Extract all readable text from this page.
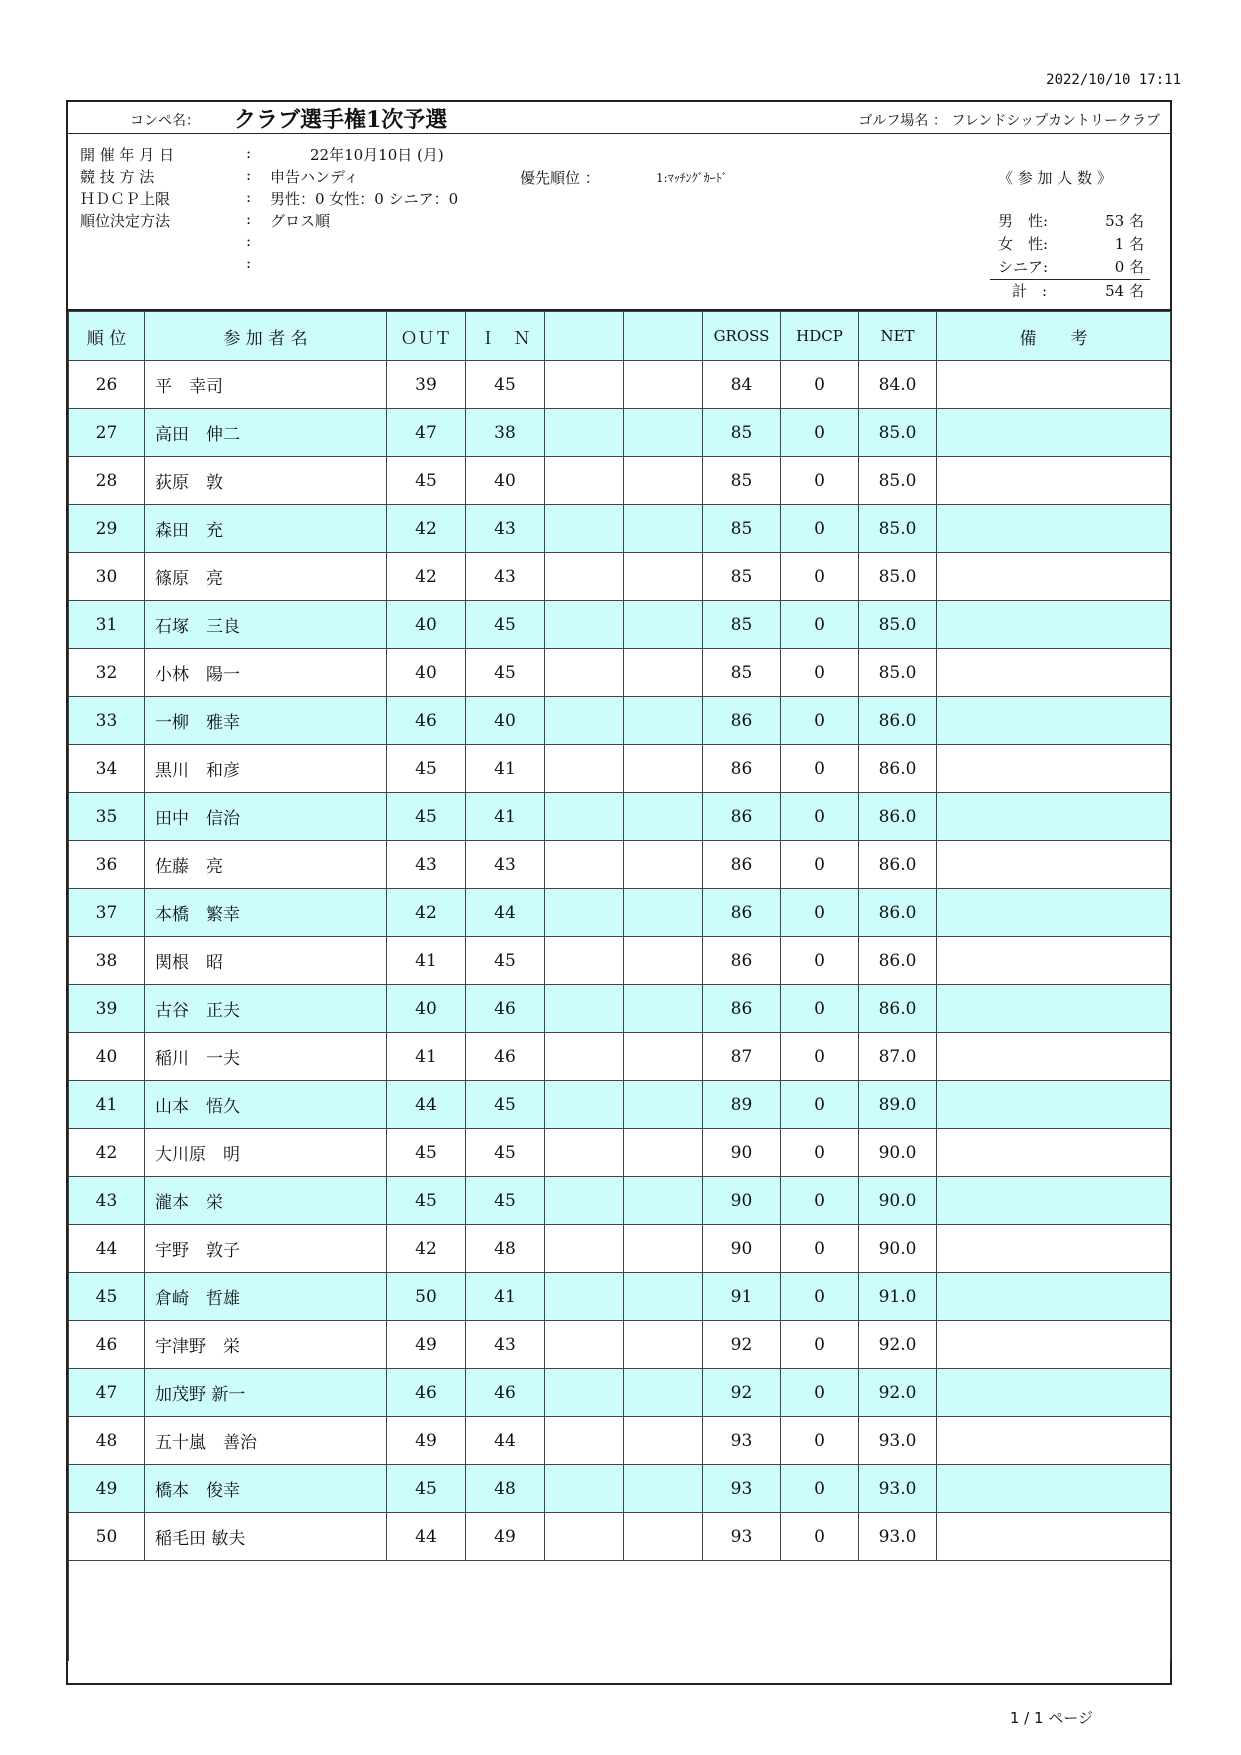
2022/10/10 17:11
コンペ名： クラブ選手権1次予選	ゴルフ場名 ： フレンドシップカントリークラブ
開 催 年 月 日	:	22年10月10日 (月)
競 技 方 法	: 申告ハンディ
ＨＤＣＰ上限	: 男性：0 女性：0 シニア：0
順位決定方法	: グロス順
:
:
優先順位 ：	1:ﾏｯﾁﾝｸﾞｶｰﾄﾞ	《 参 加 人 数 》
男　性:	53 名
女　性:	1 名
シニア:	0 名
計　:	54 名
順 位	参 加 者 名	ＯＵＴ	Ｉ　Ｎ			GROSS	HDCP	NET	備　　考
26	平　幸司	39	45			84	0	84.0	
27	高田　伸二	47	38			85	0	85.0	
28	荻原　敦	45	40			85	0	85.0	
29	森田　充	42	43			85	0	85.0	
30	篠原　亮	42	43			85	0	85.0	
31	石塚　三良	40	45			85	0	85.0	
32	小林　陽一	40	45			85	0	85.0	
33	一柳　雅幸	46	40			86	0	86.0	
34	黒川　和彦	45	41			86	0	86.0	
35	田中　信治	45	41			86	0	86.0	
36	佐藤　亮	43	43			86	0	86.0	
37	本橋　繁幸	42	44			86	0	86.0	
38	関根　昭	41	45			86	0	86.0	
39	古谷　正夫	40	46			86	0	86.0	
40	稲川　一夫	41	46			87	0	87.0	
41	山本　悟久	44	45			89	0	89.0	
42	大川原　明	45	45			90	0	90.0	
43	瀧本　栄	45	45			90	0	90.0	
44	宇野　敦子	42	48			90	0	90.0	
45	倉崎　哲雄	50	41			91	0	91.0	
46	宇津野　栄	49	43			92	0	92.0	
47	加茂野 新一	46	46			92	0	92.0	
48	五十嵐　善治	49	44			93	0	93.0	
49	橋本　俊幸	45	48			93	0	93.0	
50	稲毛田 敏夫	44	49			93	0	93.0	

1 / 1 ページ
